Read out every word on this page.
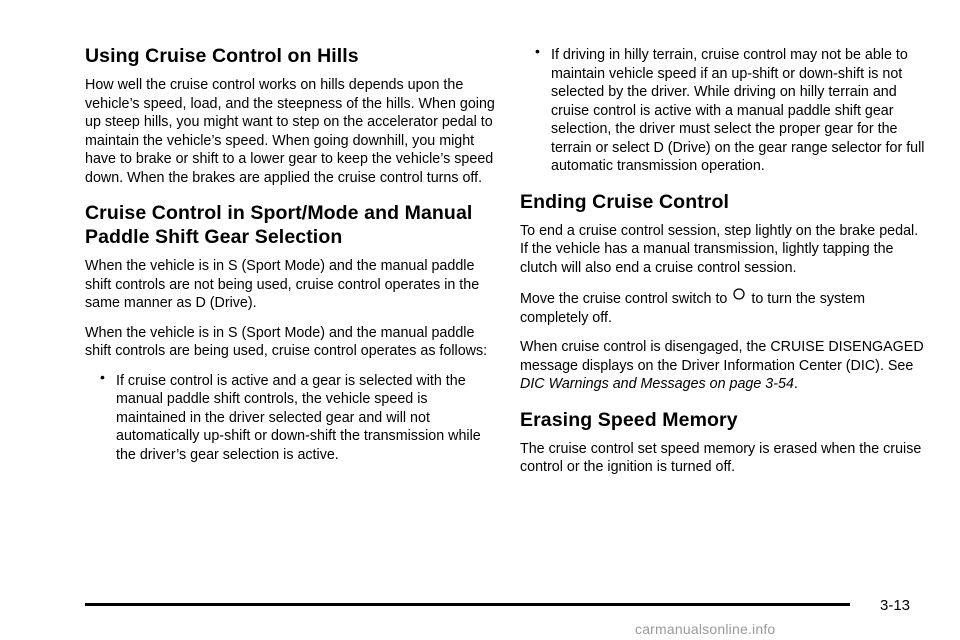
Using Cruise Control on Hills

How well the cruise control works on hills depends upon the vehicle’s speed, load, and the steepness of the hills. When going up steep hills, you might want to step on the accelerator pedal to maintain the vehicle’s speed. When going downhill, you might have to brake or shift to a lower gear to keep the vehicle’s speed down. When the brakes are applied the cruise control turns off.

Cruise Control in Sport/Mode and Manual Paddle Shift Gear Selection

When the vehicle is in S (Sport Mode) and the manual paddle shift controls are not being used, cruise control operates in the same manner as D (Drive).

When the vehicle is in S (Sport Mode) and the manual paddle shift controls are being used, cruise control operates as follows:

• If cruise control is active and a gear is selected with the manual paddle shift controls, the vehicle speed is maintained in the driver selected gear and will not automatically up-shift or down-shift the transmission while the driver’s gear selection is active.
• If driving in hilly terrain, cruise control may not be able to maintain vehicle speed if an up-shift or down-shift is not selected by the driver. While driving on hilly terrain and cruise control is active with a manual paddle shift gear selection, the driver must select the proper gear for the terrain or select D (Drive) on the gear range selector for full automatic transmission operation.
Ending Cruise Control

To end a cruise control session, step lightly on the brake pedal. If the vehicle has a manual transmission, lightly tapping the clutch will also end a cruise control session.

Move the cruise control switch to to turn the system completely off.

When cruise control is disengaged, the CRUISE DISENGAGED message displays on the Driver Information Center (DIC). See DIC Warnings and Messages on page 3-54.

Erasing Speed Memory

The cruise control set speed memory is erased when the cruise control or the ignition is turned off.

3-13
carmanualsonline.info
